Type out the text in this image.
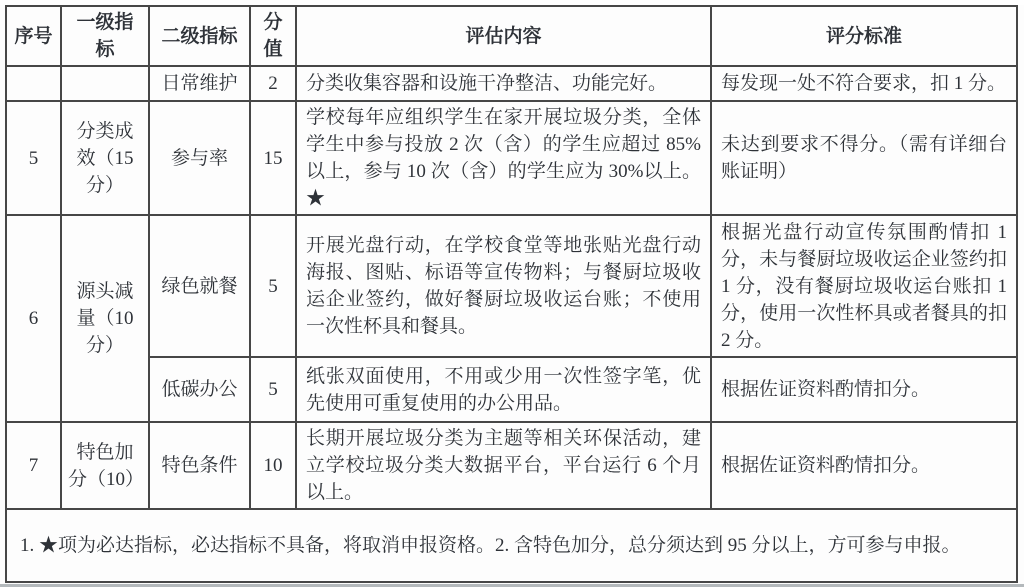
序号	一级指标	二级指标	分值	评估内容	评分标准
		日常维护	2	分类收集容器和设施干净整洁、功能完好。	每发现一处不符合要求，扣 1 分。
5	分类成效（15 分）	参与率	15	学校每年应组织学生在家开展垃圾分类，全体学生中参与投放 2 次（含）的学生应超过 85%以上，参与 10 次（含）的学生应为 30%以上。★	未达到要求不得分。（需有详细台账证明）
6	源头减量（10 分）	绿色就餐	5	开展光盘行动，在学校食堂等地张贴光盘行动海报、图贴、标语等宣传物料；与餐厨垃圾收运企业签约，做好餐厨垃圾收运台账；不使用一次性杯具和餐具。	根据光盘行动宣传氛围酌情扣 1 分，未与餐厨垃圾收运企业签约扣 1 分，没有餐厨垃圾收运台账扣 1 分，使用一次性杯具或者餐具的扣 2 分。
		低碳办公	5	纸张双面使用，不用或少用一次性签字笔，优先使用可重复使用的办公用品。	根据佐证资料酌情扣分。
7	特色加分（10）	特色条件	10	长期开展垃圾分类为主题等相关环保活动，建立学校垃圾分类大数据平台，平台运行 6 个月以上。	根据佐证资料酌情扣分。
1. ★项为必达指标，必达指标不具备，将取消申报资格。2. 含特色加分，总分须达到 95 分以上，方可参与申报。					
